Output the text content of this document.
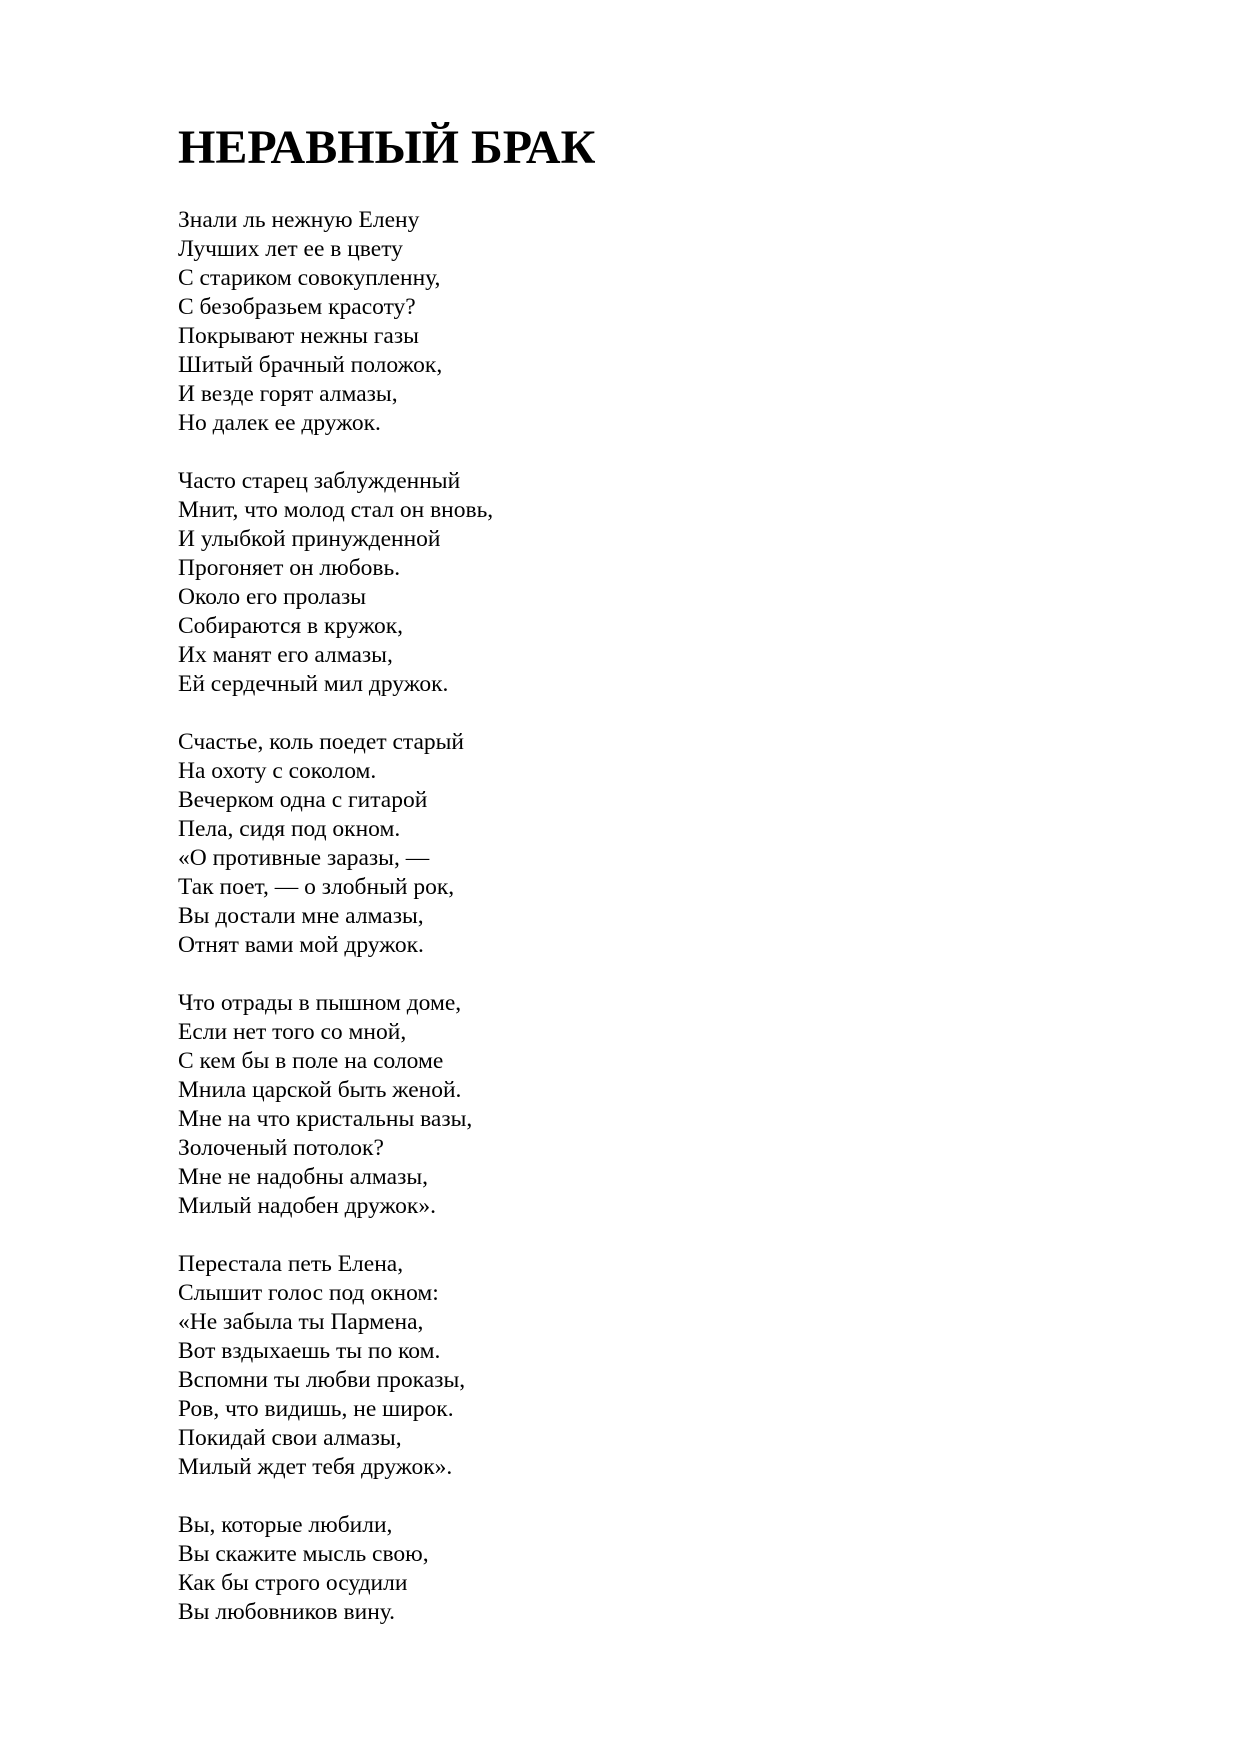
НЕРАВНЫЙ БРАК
Знали ль нежную Елену
Лучших лет ее в цвету
С стариком совокупленну,
С безобразьем красоту?
Покрывают нежны газы
Шитый брачный положок,
И везде горят алмазы,
Но далек ее дружок.
Часто старец заблужденный
Мнит, что молод стал он вновь,
И улыбкой принужденной
Прогоняет он любовь.
Около его пролазы
Собираются в кружок,
Их манят его алмазы,
Ей сердечный мил дружок.
Счастье, коль поедет старый
На охоту с соколом.
Вечерком одна с гитарой
Пела, сидя под окном.
«О противные заразы, —
Так поет, — о злобный рок,
Вы достали мне алмазы,
Отнят вами мой дружок.
Что отрады в пышном доме,
Если нет того со мной,
С кем бы в поле на соломе
Мнила царской быть женой.
Мне на что кристальны вазы,
Золоченый потолок?
Мне не надобны алмазы,
Милый надобен дружок».
Перестала петь Елена,
Слышит голос под окном:
«Не забыла ты Пармена,
Вот вздыхаешь ты по ком.
Вспомни ты любви проказы,
Ров, что видишь, не широк.
Покидай свои алмазы,
Милый ждет тебя дружок».
Вы, которые любили,
Вы скажите мысль свою,
Как бы строго осудили
Вы любовников вину.
